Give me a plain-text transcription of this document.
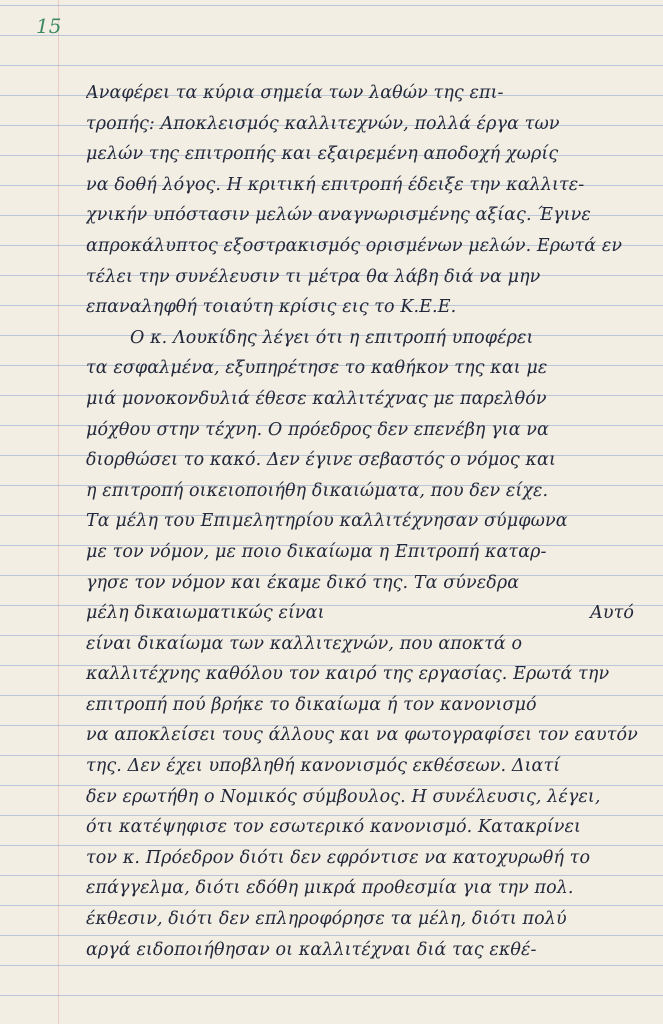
15
Αναφέρει τα κύρια σημεία των λαθών της επι-
τροπής: Αποκλεισμός καλλιτεχνών, πολλά έργα των
μελών της επιτροπής και εξαιρεμένη αποδοχή χωρίς
να δοθή λόγος. Η κριτική επιτροπή έδειξε την καλλιτε-
χνικήν υπόστασιν μελών αναγνωρισμένης αξίας. Έγινε
απροκάλυπτος εξοστρακισμός ορισμένων μελών. Ερωτά εν
τέλει την συνέλευσιν τι μέτρα θα λάβη διά να μην
επαναληφθή τοιαύτη κρίσις εις το Κ.Ε.Ε.
Ο κ. Λουκίδης λέγει ότι η επιτροπή υποφέρει
τα εσφαλμένα, εξυπηρέτησε το καθήκον της και με
μιά μονοκονδυλιά έθεσε καλλιτέχνας με παρελθόν
μόχθου στην τέχνη. Ο πρόεδρος δεν επενέβη για να
διορθώσει το κακό. Δεν έγινε σεβαστός ο νόμος και
η επιτροπή οικειοποιήθη δικαιώματα, που δεν είχε.
Τα μέλη του Επιμελητηρίου καλλιτέχνησαν σύμφωνα
με τον νόμον, με ποιο δικαίωμα η Επιτροπή καταρ-
γησε τον νόμον και έκαμε δικό της. Τα σύνεδρα
μέλη δικαιωματικώς είναι	Αυτό
είναι δικαίωμα των καλλιτεχνών, που αποκτά ο
καλλιτέχνης καθόλου τον καιρό της εργασίας. Ερωτά την
επιτροπή πού βρήκε το δικαίωμα ή τον κανονισμό
να αποκλείσει τους άλλους και να φωτογραφίσει τον εαυτόν
της. Δεν έχει υποβληθή κανονισμός εκθέσεων. Διατί
δεν ερωτήθη ο Νομικός σύμβουλος. Η συνέλευσις, λέγει,
ότι κατέψηφισε τον εσωτερικό κανονισμό. Κατακρίνει
τον κ. Πρόεδρον διότι δεν εφρόντισε να κατοχυρωθή το
επάγγελμα, διότι εδόθη μικρά προθεσμία για την πολ.
έκθεσιν, διότι δεν επληροφόρησε τα μέλη, διότι πολύ
αργά ειδοποιήθησαν οι καλλιτέχναι διά τας εκθέ-
